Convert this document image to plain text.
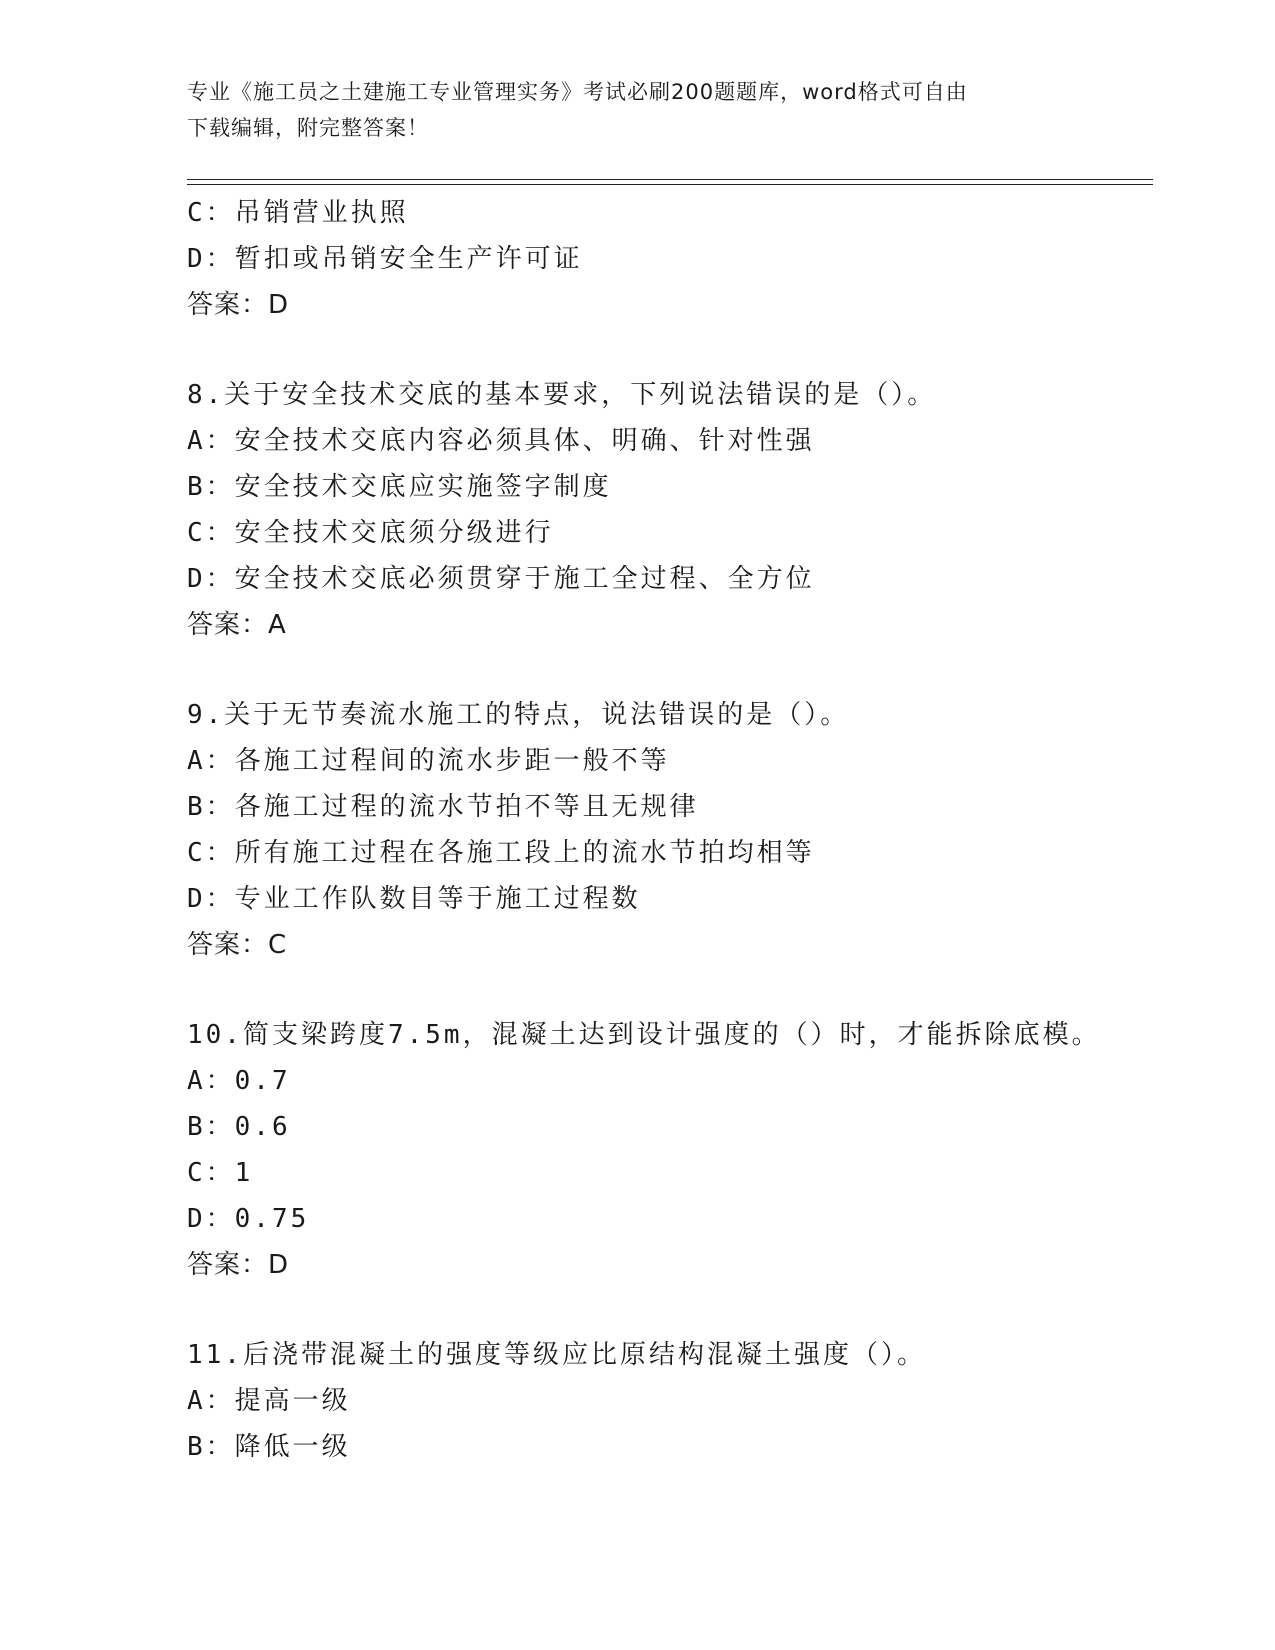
专业《施工员之土建施工专业管理实务》考试必刷200题题库，word格式可自由
下载编辑，附完整答案！
C：吊销营业执照
D：暂扣或吊销安全生产许可证
答案：D
8.关于安全技术交底的基本要求，下列说法错误的是（）。
A：安全技术交底内容必须具体、明确、针对性强
B：安全技术交底应实施签字制度
C：安全技术交底须分级进行
D：安全技术交底必须贯穿于施工全过程、全方位
答案：A
9.关于无节奏流水施工的特点，说法错误的是（）。
A：各施工过程间的流水步距一般不等
B：各施工过程的流水节拍不等且无规律
C：所有施工过程在各施工段上的流水节拍均相等
D：专业工作队数目等于施工过程数
答案：C
10.简支梁跨度7.5m，混凝土达到设计强度的（）时，才能拆除底模。
A：0.7
B：0.6
C：1
D：0.75
答案：D
11.后浇带混凝土的强度等级应比原结构混凝土强度（）。
A：提高一级
B：降低一级
